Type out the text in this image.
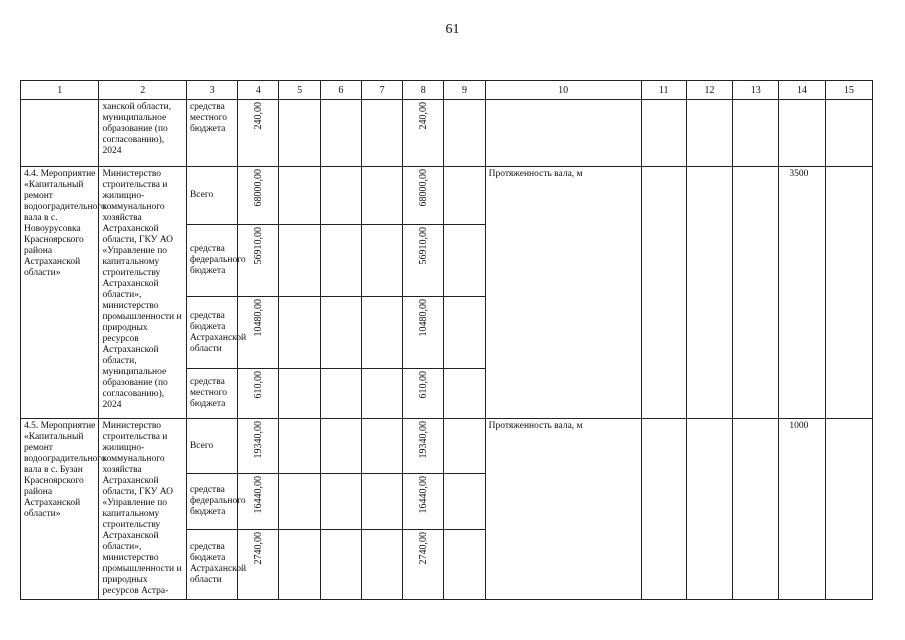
61
1	2	3	4	5	6	7	8	9	10	11	12	13	14	15
	ханской области, муниципальное образование (по согласованию), 2024	средства местного бюджета	240,00				240,00							
4.4. Мероприятие «Капитальный ремонт водооградительного вала в с. Новоурусовка Красноярского района Астраханской области»	Министерство строительства и жилищно-коммунального хозяйства Астраханской области, ГКУ АО «Управление по капитальному строительству Астраханской области», министерство промышленности и природных ресурсов Астраханской области, муниципальное образование (по согласованию), 2024	Всего	68000,00				68000,00		Протяженность вала, м				3500	
		средства федерального бюджета	56910,00				56910,00							
		средства бюджета Астраханской области	10480,00				10480,00							
		средства местного бюджета	610,00				610,00							
4.5. Мероприятие «Капитальный ремонт водооградительного вала в с. Бузан Красноярского района Астраханской области»	Министерство строительства и жилищно-коммунального хозяйства Астраханской области, ГКУ АО «Управление по капитальному строительству Астраханской области», министерство промышленности и природных ресурсов Астра-	Всего	19340,00				19340,00		Протяженность вала, м				1000	
		средства федерального бюджета	16440,00				16440,00							
		средства бюджета Астраханской области	2740,00				2740,00							
